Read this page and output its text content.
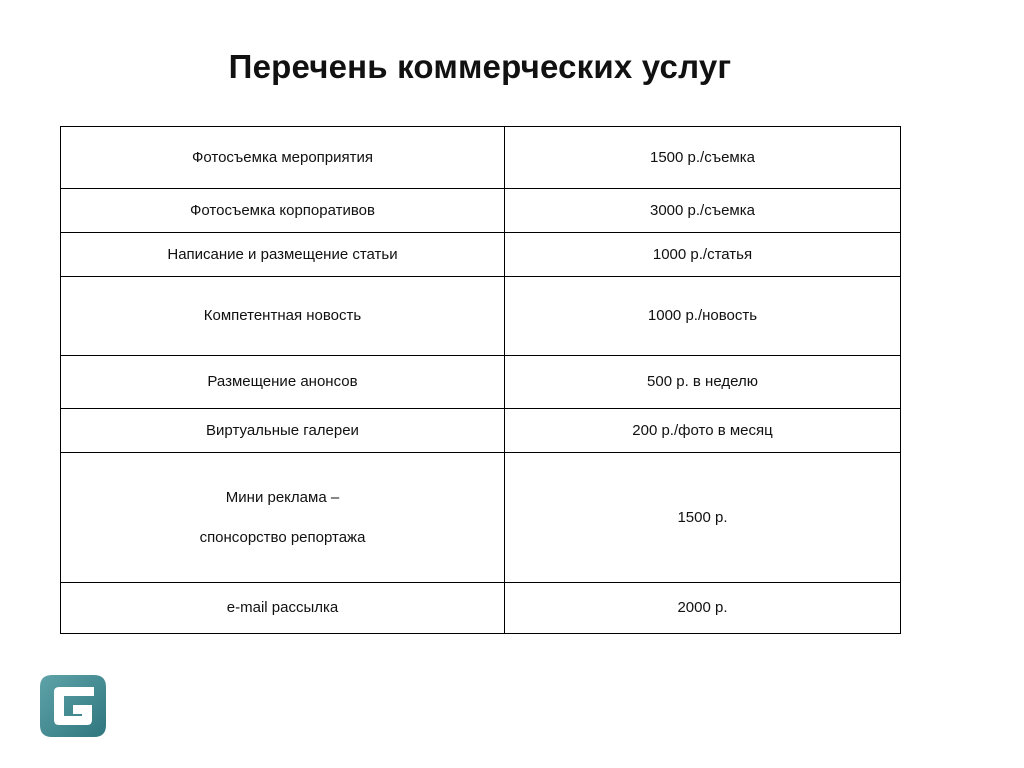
Перечень коммерческих услуг
Фотосъемка мероприятия	1500 р./съемка
Фотосъемка корпоративов	3000 р./съемка
Написание и размещение статьи	1000 р./статья
Компетентная новость	1000 р./новость
Размещение анонсов	500 р. в неделю
Виртуальные галереи	200 р./фото в месяц

Мини реклама –
спонсорство репортажа	1500 р.
e-mail рассылка	2000 р.
